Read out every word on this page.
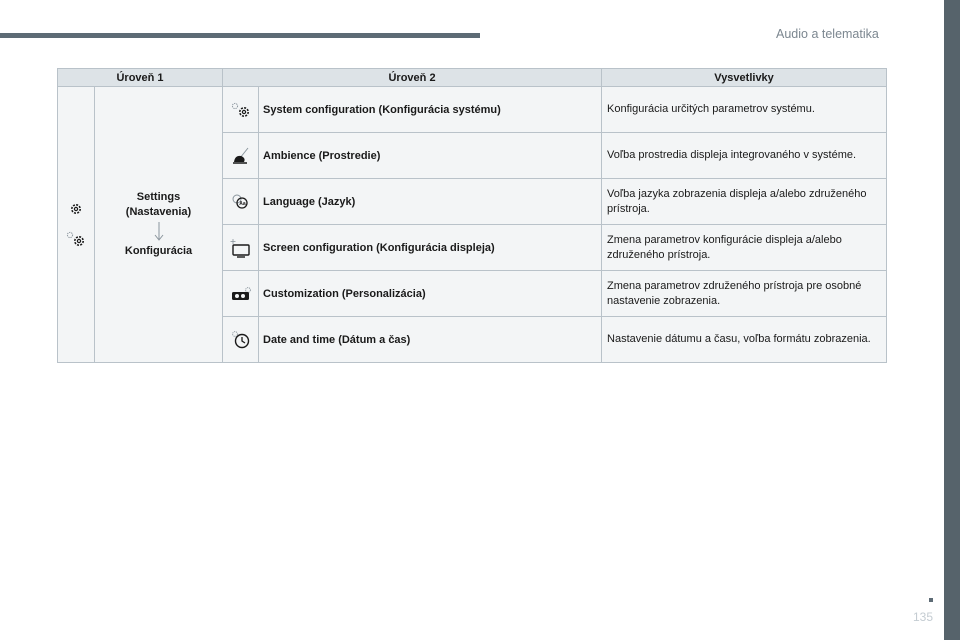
Audio a telematika
Úroveň 1		Úroveň 2		Vysvetlivky

Settings
(Nastavenia)
Konfigurácia		System configuration (Konfigurácia systému)	Konfigurácia určitých parametrov systému.
	Ambience (Prostredie)	Voľba prostredia displeja integrovaného v systéme.

Aa	Language (Jazyk)	Voľba jazyka zobrazenia displeja a/alebo združeného prístroja.
	Screen configuration (Konfigurácia displeja)	Zmena parametrov konfigurácie displeja a/alebo združeného prístroja.
	Customization (Personalizácia)	Zmena parametrov združeného prístroja pre osobné nastavenie zobrazenia.
	Date and time (Dátum a čas)	Nastavenie dátumu a času, voľba formátu zobrazenia.
135
